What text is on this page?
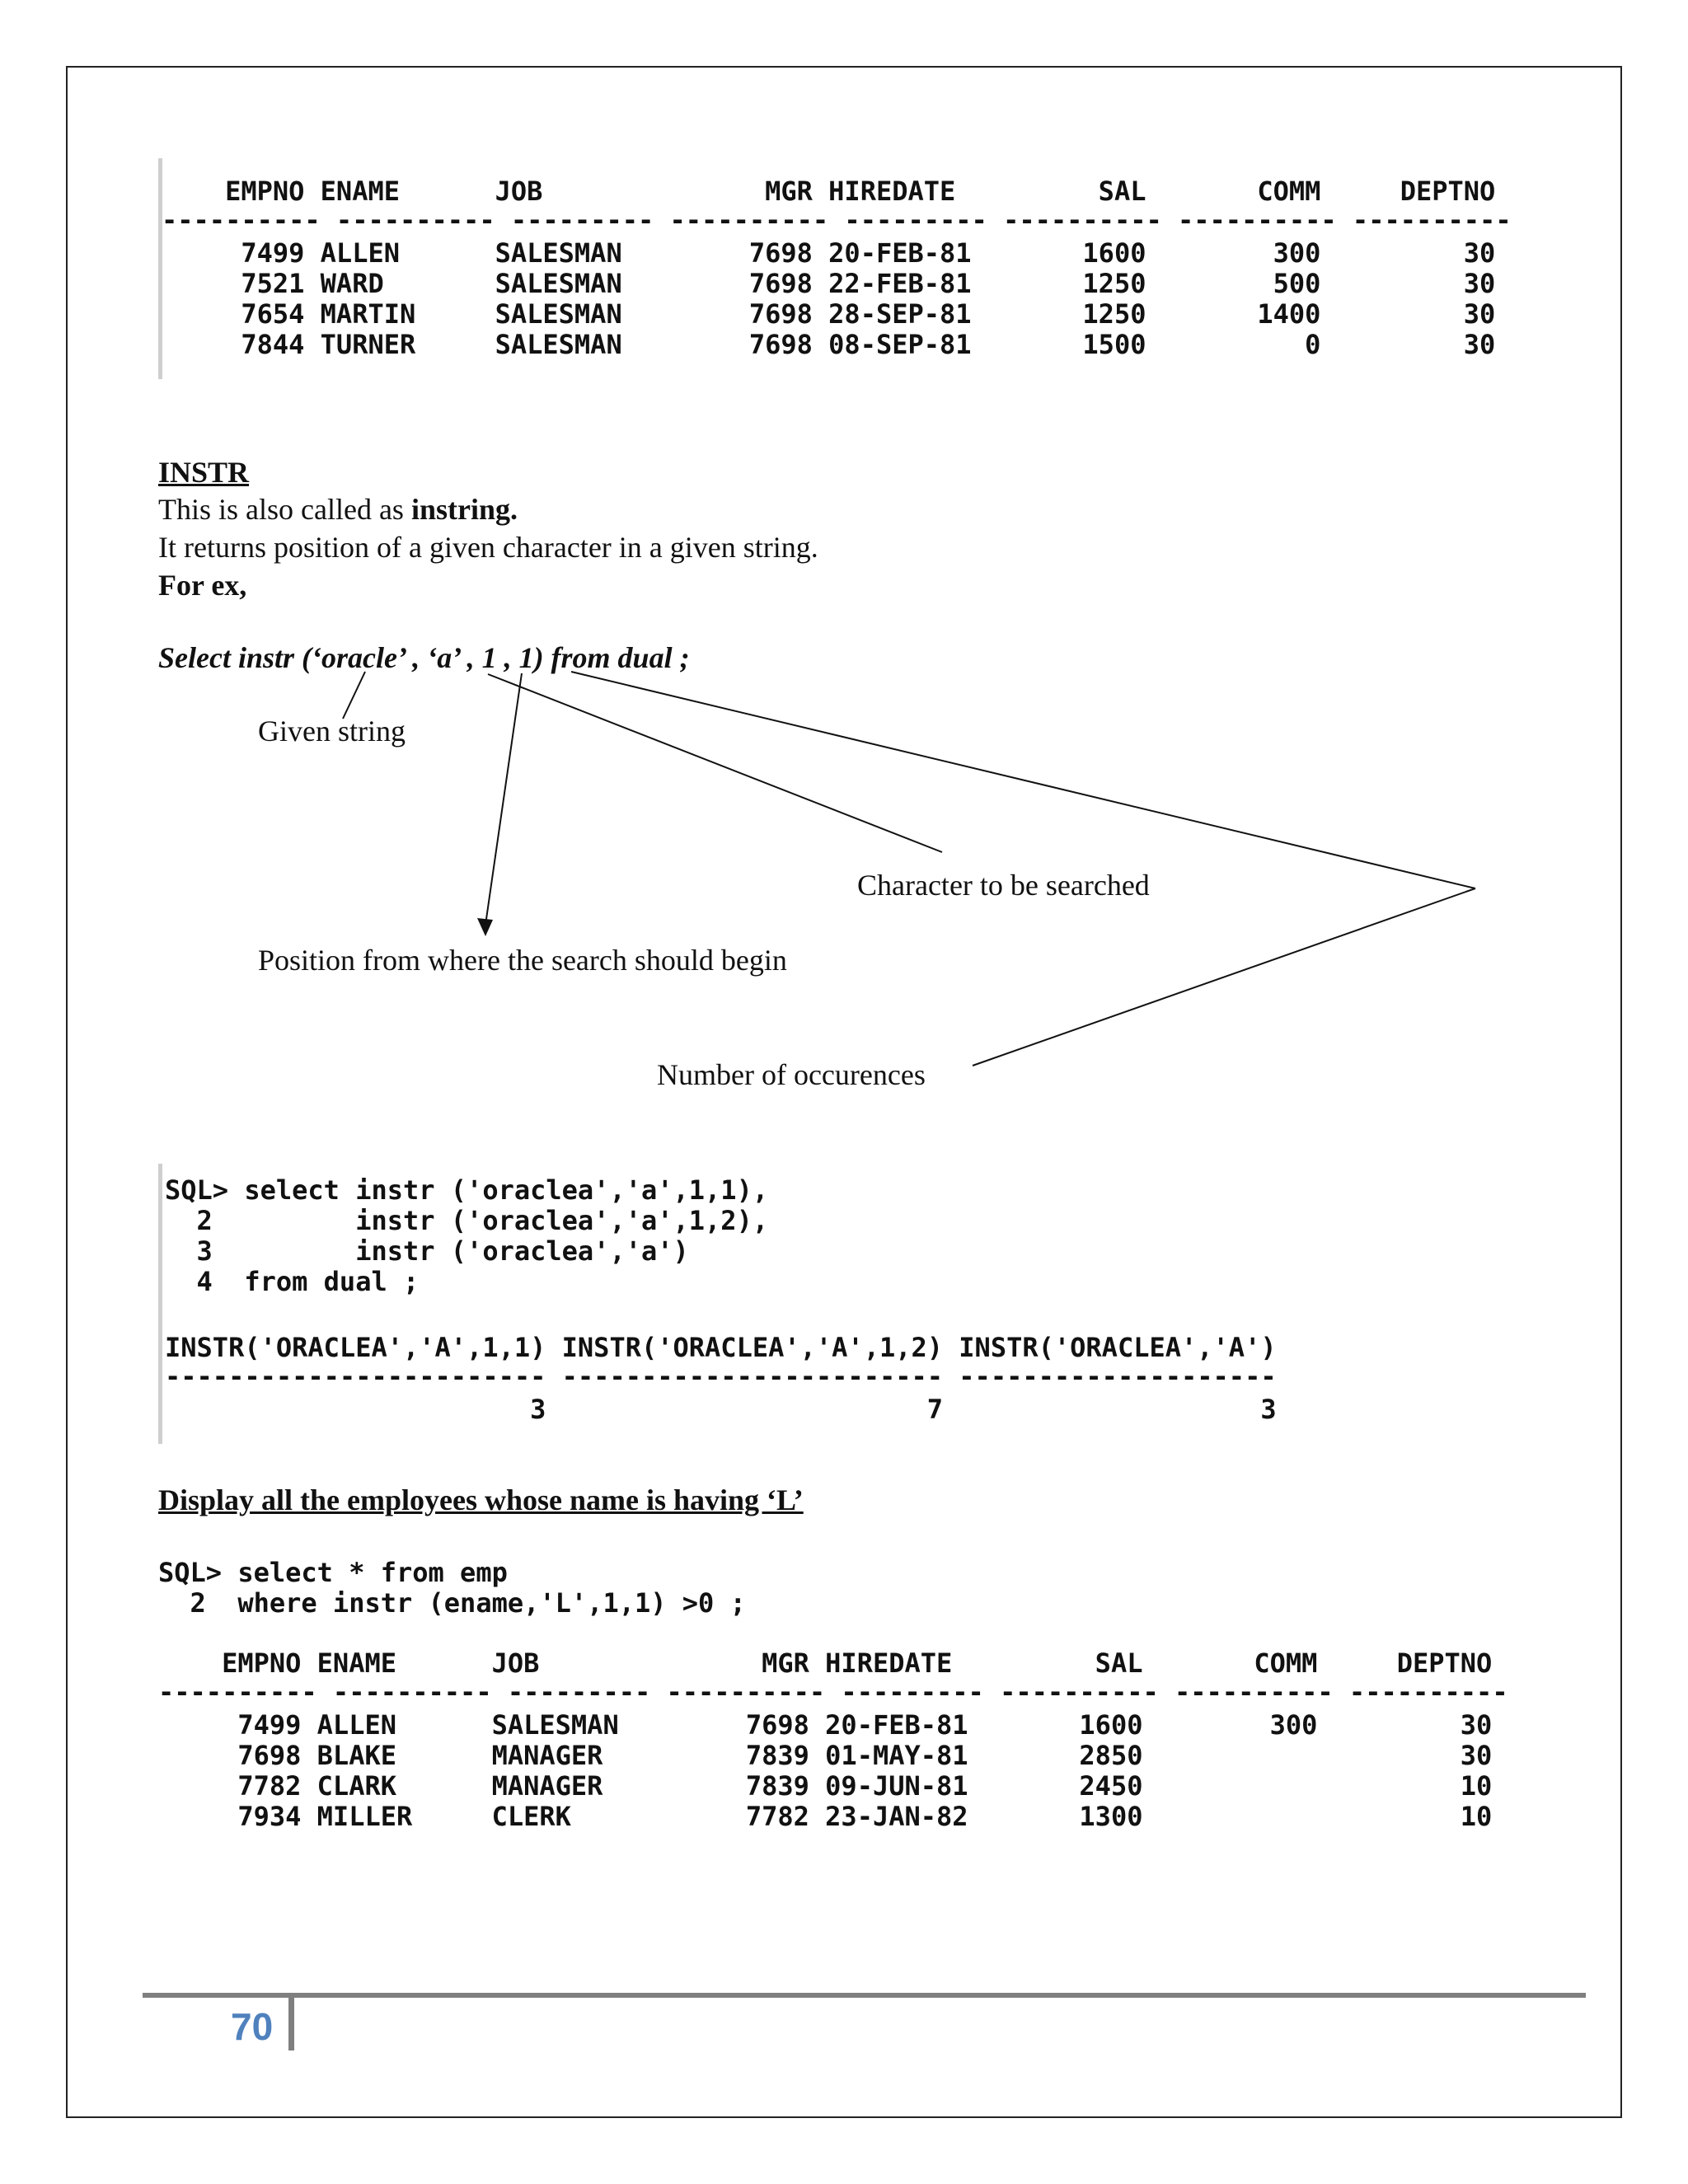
EMPNO ENAME      JOB              MGR HIREDATE         SAL       COMM     DEPTNO
---------- ---------- --------- ---------- --------- ---------- ---------- ----------
7499 ALLEN      SALESMAN        7698 20-FEB-81       1600        300         30
7521 WARD       SALESMAN        7698 22-FEB-81       1250        500         30
7654 MARTIN     SALESMAN        7698 28-SEP-81       1250       1400         30
7844 TURNER     SALESMAN        7698 08-SEP-81       1500          0         30
INSTR
This is also called as instring.
It returns position of a given character in a given string.
For ex,
Select instr (‘oracle’ , ‘a’ , 1 , 1) from dual ;
Given string
Character to be searched
Position from where the search should begin
Number of occurences
SQL> select instr ('oraclea','a',1,1),
2         instr ('oraclea','a',1,2),
3         instr ('oraclea','a')
4  from dual ;
INSTR('ORACLEA','A',1,1) INSTR('ORACLEA','A',1,2) INSTR('ORACLEA','A')
------------------------ ------------------------ --------------------
3                        7                    3
Display all the employees whose name is having ‘L’
SQL> select * from emp
2  where instr (ename,'L',1,1) >0 ;
EMPNO ENAME      JOB              MGR HIREDATE         SAL       COMM     DEPTNO
---------- ---------- --------- ---------- --------- ---------- ---------- ----------
7499 ALLEN      SALESMAN        7698 20-FEB-81       1600        300         30
7698 BLAKE      MANAGER         7839 01-MAY-81       2850                    30
7782 CLARK      MANAGER         7839 09-JUN-81       2450                    10
7934 MILLER     CLERK           7782 23-JAN-82       1300                    10
70
